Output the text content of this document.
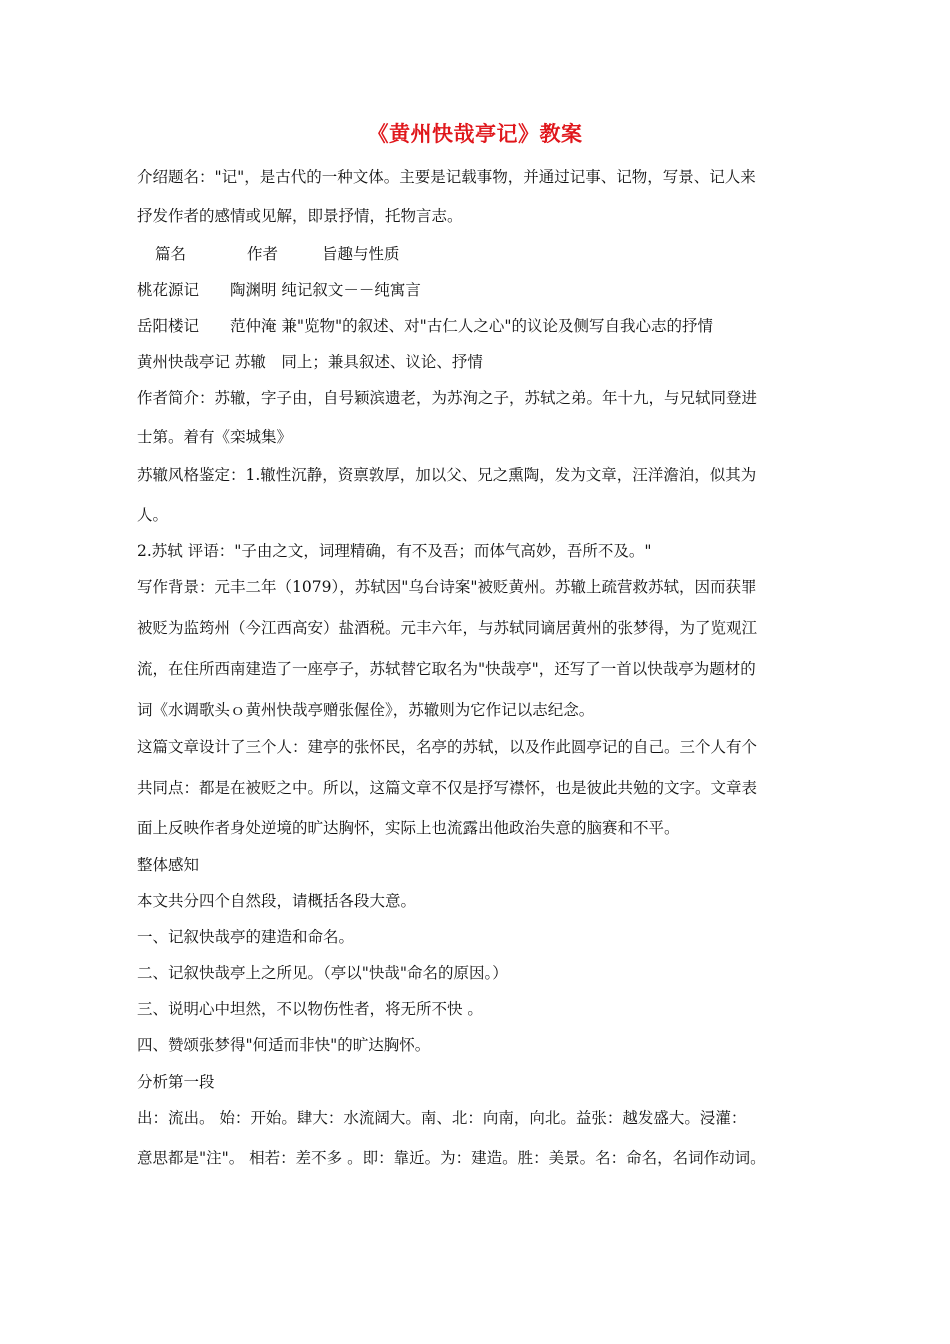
《黄州快哉亭记》教案
介绍题名："记"，是古代的一种文体。主要是记载事物，并通过记事、记物，写景、记人来
抒发作者的感情或见解，即景抒情，托物言志。
篇名	作者	旨趣与性质
桃花源记　　陶渊明 纯记叙文－－纯寓言
岳阳楼记　　范仲淹 兼"览物"的叙述、对"古仁人之心"的议论及侧写自我心志的抒情
黄州快哉亭记 苏辙　同上；兼具叙述、议论、抒情
作者简介：苏辙，字子由，自号颖滨遗老，为苏洵之子，苏轼之弟。年十九，与兄轼同登进
士第。着有《栾城集》
苏辙风格鉴定：1.辙性沉静，资禀敦厚，加以父、兄之熏陶，发为文章，汪洋澹泊，似其为
人。
2.苏轼 评语："子由之文，词理精确，有不及吾；而体气高妙，吾所不及。"
写作背景：元丰二年（1079），苏轼因"乌台诗案"被贬黄州。苏辙上疏营救苏轼，因而获罪
被贬为监筠州（今江西高安）盐酒税。元丰六年，与苏轼同谪居黄州的张梦得，为了览观江
流，在住所西南建造了一座亭子，苏轼替它取名为"快哉亭"，还写了一首以快哉亭为题材的
词《水调歌头ｏ黄州快哉亭赠张偓佺》，苏辙则为它作记以志纪念。
这篇文章设计了三个人：建亭的张怀民，名亭的苏轼，以及作此圆亭记的自己。三个人有个
共同点：都是在被贬之中。所以，这篇文章不仅是抒写襟怀，也是彼此共勉的文字。文章表
面上反映作者身处逆境的旷达胸怀，实际上也流露出他政治失意的脑赛和不平。
整体感知
本文共分四个自然段，请概括各段大意。
一、记叙快哉亭的建造和命名。
二、记叙快哉亭上之所见。（亭以"快哉"命名的原因。）
三、说明心中坦然，不以物伤性者，将无所不快 。
四、赞颂张梦得"何适而非快"的旷达胸怀。
分析第一段
出：流出。 始：开始。肆大：水流阔大。南、北：向南，向北。益张：越发盛大。浸灌：
意思都是"注"。 相若：差不多 。即：靠近。为：建造。胜：美景。名：命名，名词作动词。
